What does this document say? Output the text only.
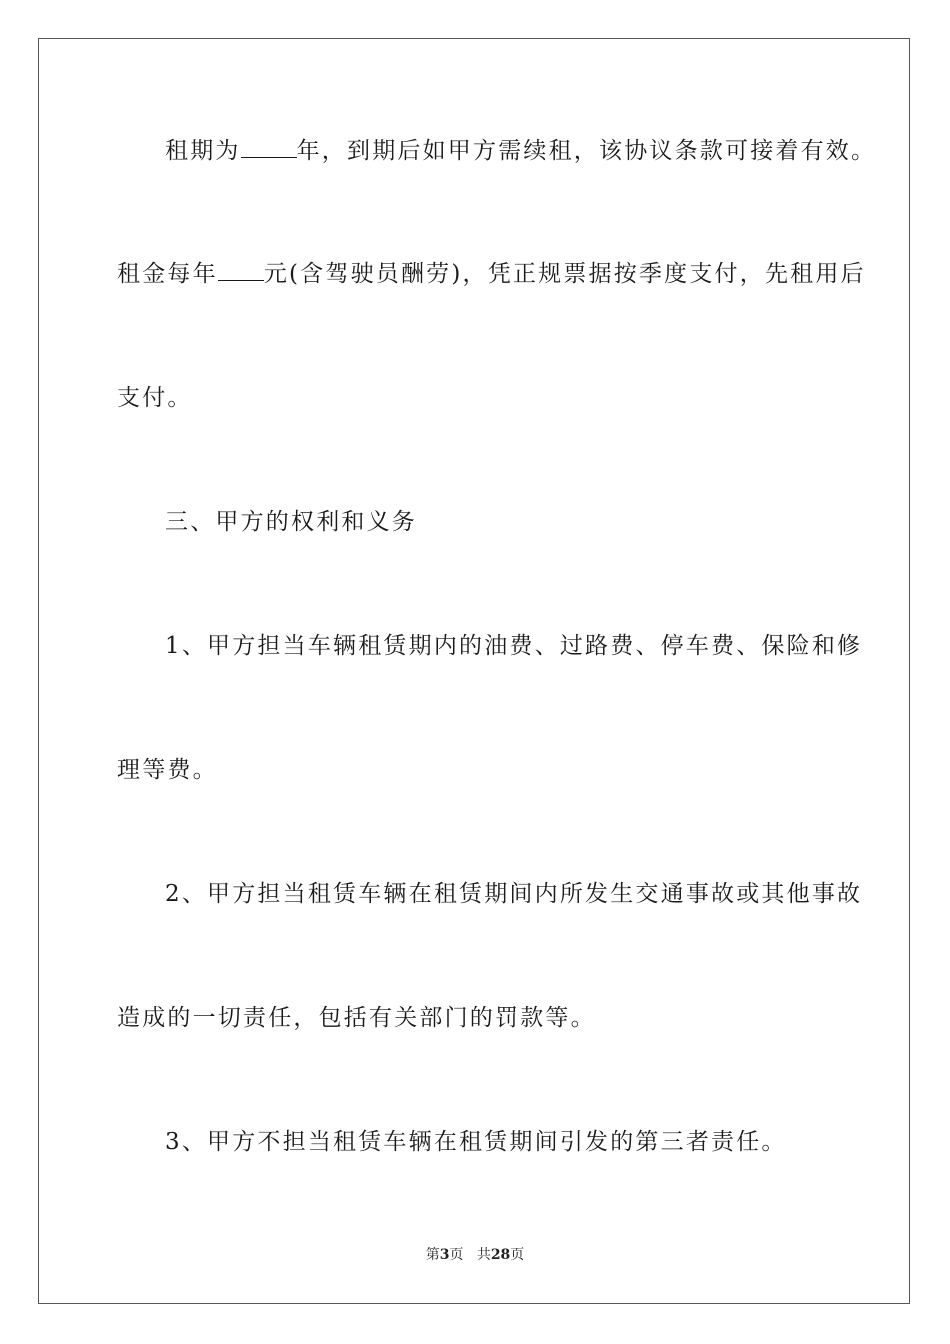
租期为 年，到期后如甲方需续租，该协议条款可接着有效。
租金每年 元(含驾驶员酬劳)，凭正规票据按季度支付，先租用后
支付。
三、甲方的权利和义务
1、甲方担当车辆租赁期内的油费、过路费、停车费、保险和修
理等费。
2、甲方担当租赁车辆在租赁期间内所发生交通事故或其他事故
造成的一切责任，包括有关部门的罚款等。
3、甲方不担当租赁车辆在租赁期间引发的第三者责任。
第3页 共28页
